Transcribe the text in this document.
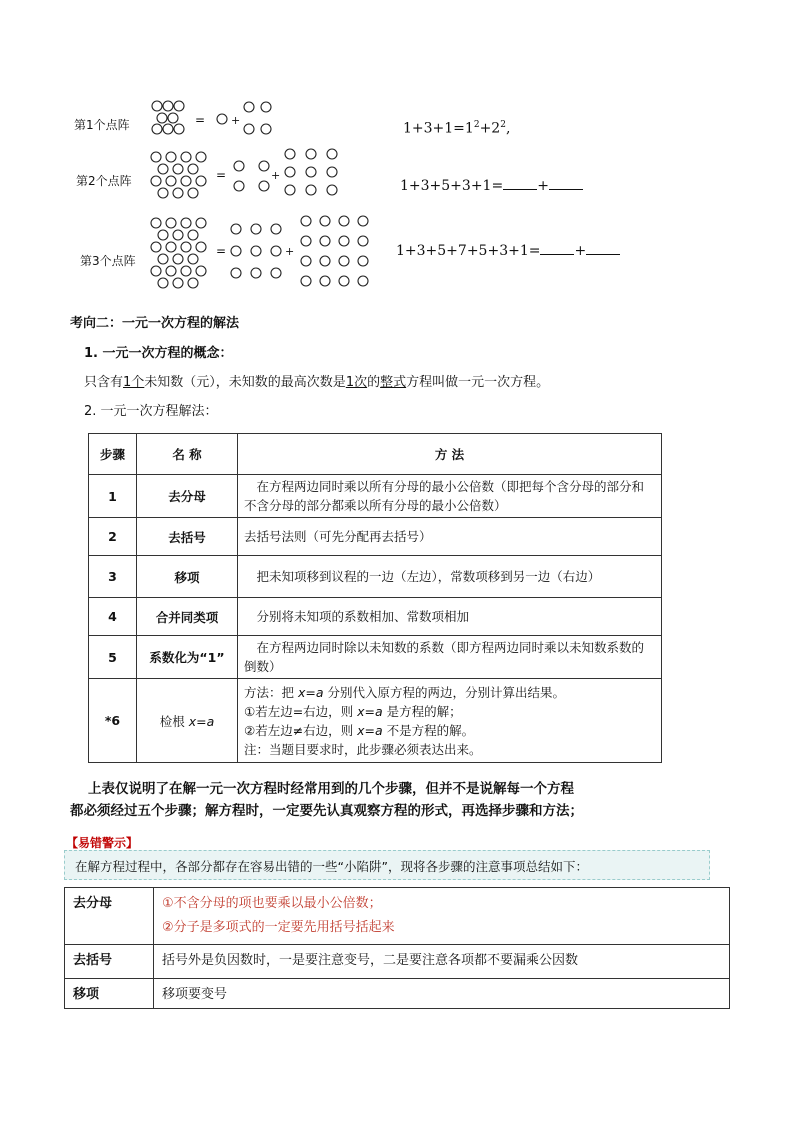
第1个点阵
第2个点阵
第3个点阵
= +
=	+
=	+
$1+3+1=1^2+2^2$,
1+3+5+3+1= +
1+3+5+7+5+3+1= +
考向二：一元一次方程的解法
1. 一元一次方程的概念：
只含有1个未知数（元），未知数的最高次数是1次的整式方程叫做一元一次方程。
2. 一元一次方程解法：
步骤	名 称	方 法
1	去分母	　在方程两边同时乘以所有分母的最小公倍数（即把每个含分母的部分和不含分母的部分都乘以所有分母的最小公倍数）
2	去括号	去括号法则（可先分配再去括号）
3	移项	　把未知项移到议程的一边（左边），常数项移到另一边（右边）
4	合并同类项	　分别将未知项的系数相加、常数项相加
5	系数化为“1”	　在方程两边同时除以未知数的系数（即方程两边同时乘以未知数系数的倒数）
*6	检根 x=a	方法：把 x=a 分别代入原方程的两边，分别计算出结果。
①若左边=右边，则 x=a 是方程的解；
②若左边≠右边，则 x=a 不是方程的解。
注：当题目要求时，此步骤必须表达出来。
上表仅说明了在解一元一次方程时经常用到的几个步骤，但并不是说解每一个方程
都必须经过五个步骤；解方程时，一定要先认真观察方程的形式，再选择步骤和方法；
【易错警示】
在解方程过程中，各部分都存在容易出错的一些“小陷阱”，现将各步骤的注意事项总结如下：
去分母	①不含分母的项也要乘以最小公倍数；
②分子是多项式的一定要先用括号括起来

去括号	括号外是负因数时，一是要注意变号，二是要注意各项都不要漏乘公因数
移项	移项要变号
